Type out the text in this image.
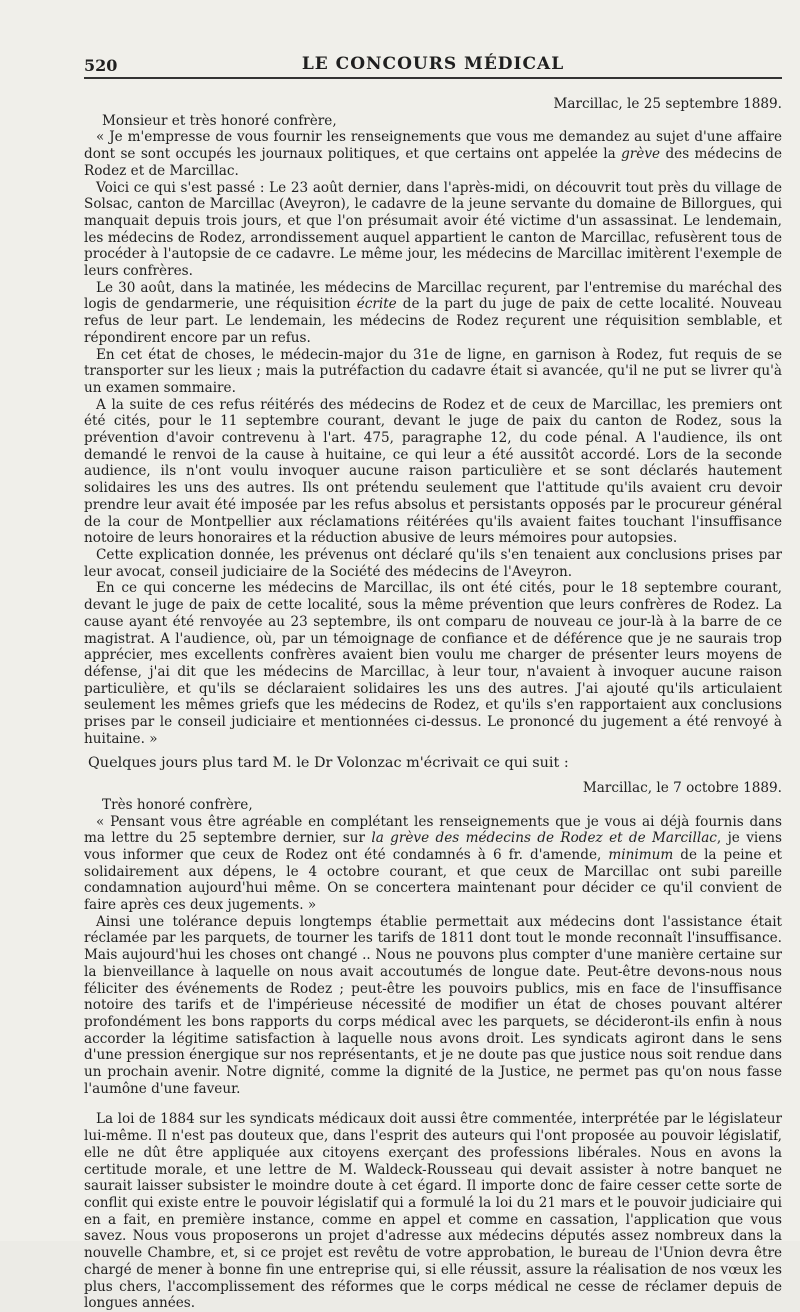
520	LE CONCOURS MÉDICAL

Marcillac, le 25 septembre 1889.

Monsieur et très honoré confrère,

« Je m'empresse de vous fournir les renseignements que vous me demandez au sujet d'une affaire dont se sont occupés les journaux politiques, et que certains ont appelée la grève des médecins de Rodez et de Marcillac.

Voici ce qui s'est passé : Le 23 août dernier, dans l'après-midi, on découvrit tout près du village de Solsac, canton de Marcillac (Aveyron), le cadavre de la jeune servante du domaine de Billorgues, qui manquait depuis trois jours, et que l'on présumait avoir été victime d'un assassinat. Le lendemain, les médecins de Rodez, arrondissement auquel appartient le canton de Marcillac, refusèrent tous de procéder à l'autopsie de ce cadavre. Le même jour, les médecins de Marcillac imitèrent l'exemple de leurs confrères.

Le 30 août, dans la matinée, les médecins de Marcillac reçurent, par l'entremise du maréchal des logis de gendarmerie, une réquisition écrite de la part du juge de paix de cette localité. Nouveau refus de leur part. Le lendemain, les médecins de Rodez reçurent une réquisition semblable, et répondirent encore par un refus.

En cet état de choses, le médecin-major du 31e de ligne, en garnison à Rodez, fut requis de se transporter sur les lieux ; mais la putréfaction du cadavre était si avancée, qu'il ne put se livrer qu'à un examen sommaire.

A la suite de ces refus réitérés des médecins de Rodez et de ceux de Marcillac, les premiers ont été cités, pour le 11 septembre courant, devant le juge de paix du canton de Rodez, sous la prévention d'avoir contrevenu à l'art. 475, paragraphe 12, du code pénal. A l'audience, ils ont demandé le renvoi de la cause à huitaine, ce qui leur a été aussitôt accordé. Lors de la seconde audience, ils n'ont voulu invoquer aucune raison particulière et se sont déclarés hautement solidaires les uns des autres. Ils ont prétendu seulement que l'attitude qu'ils avaient cru devoir prendre leur avait été imposée par les refus absolus et persistants opposés par le procureur général de la cour de Montpellier aux réclamations réitérées qu'ils avaient faites touchant l'insuffisance notoire de leurs honoraires et la réduction abusive de leurs mémoires pour autopsies.

Cette explication donnée, les prévenus ont déclaré qu'ils s'en tenaient aux conclusions prises par leur avocat, conseil judiciaire de la Société des médecins de l'Aveyron.

En ce qui concerne les médecins de Marcillac, ils ont été cités, pour le 18 septembre courant, devant le juge de paix de cette localité, sous la même prévention que leurs confrères de Rodez. La cause ayant été renvoyée au 23 septembre, ils ont comparu de nouveau ce jour-là à la barre de ce magistrat. A l'audience, où, par un témoignage de confiance et de déférence que je ne saurais trop apprécier, mes excellents confrères avaient bien voulu me charger de présenter leurs moyens de défense, j'ai dit que les médecins de Marcillac, à leur tour, n'avaient à invoquer aucune raison particulière, et qu'ils se déclaraient solidaires les uns des autres. J'ai ajouté qu'ils articulaient seulement les mêmes griefs que les médecins de Rodez, et qu'ils s'en rapportaient aux conclusions prises par le conseil judiciaire et mentionnées ci-dessus. Le prononcé du jugement a été renvoyé à huitaine. »

Quelques jours plus tard M. le Dr Volonzac m'écrivait ce qui suit :

Marcillac, le 7 octobre 1889.

Très honoré confrère,

« Pensant vous être agréable en complétant les renseignements que je vous ai déjà fournis dans ma lettre du 25 septembre dernier, sur la grève des médecins de Rodez et de Marcillac, je viens vous informer que ceux de Rodez ont été condamnés à 6 fr. d'amende, minimum de la peine et solidairement aux dépens, le 4 octobre courant, et que ceux de Marcillac ont subi pareille condamnation aujourd'hui même. On se concertera maintenant pour décider ce qu'il convient de faire après ces deux jugements. »

Ainsi une tolérance depuis longtemps établie permettait aux médecins dont l'assistance était réclamée par les parquets, de tourner les tarifs de 1811 dont tout le monde reconnaît l'insuffisance. Mais aujourd'hui les choses ont changé .. Nous ne pouvons plus compter d'une manière certaine sur la bienveillance à laquelle on nous avait accoutumés de longue date. Peut-être devons-nous nous féliciter des événements de Rodez ; peut-être les pouvoirs publics, mis en face de l'insuffisance notoire des tarifs et de l'impérieuse nécessité de modifier un état de choses pouvant altérer profondément les bons rapports du corps médical avec les parquets, se décideront-ils enfin à nous accorder la légitime satisfaction à laquelle nous avons droit. Les syndicats agiront dans le sens d'une pression énergique sur nos représentants, et je ne doute pas que justice nous soit rendue dans un prochain avenir. Notre dignité, comme la dignité de la Justice, ne permet pas qu'on nous fasse l'aumône d'une faveur.

La loi de 1884 sur les syndicats médicaux doit aussi être commentée, interprétée par le législateur lui-même. Il n'est pas douteux que, dans l'esprit des auteurs qui l'ont proposée au pouvoir législatif, elle ne dût être appliquée aux citoyens exerçant des professions libérales. Nous en avons la certitude morale, et une lettre de M. Waldeck-Rousseau qui devait assister à notre banquet ne saurait laisser subsister le moindre doute à cet égard. Il importe donc de faire cesser cette sorte de conflit qui existe entre le pouvoir législatif qui a formulé la loi du 21 mars et le pouvoir judiciaire qui en a fait, en première instance, comme en appel et comme en cassation, l'application que vous savez. Nous vous proposerons un projet d'adresse aux médecins députés assez nombreux dans la nouvelle Chambre, et, si ce projet est revêtu de votre approbation, le bureau de l'Union devra être chargé de mener à bonne fin une entreprise qui, si elle réussit, assure la réalisation de nos vœux les plus chers, l'accomplissement des réformes que le corps médical ne cesse de réclamer depuis de longues années.
